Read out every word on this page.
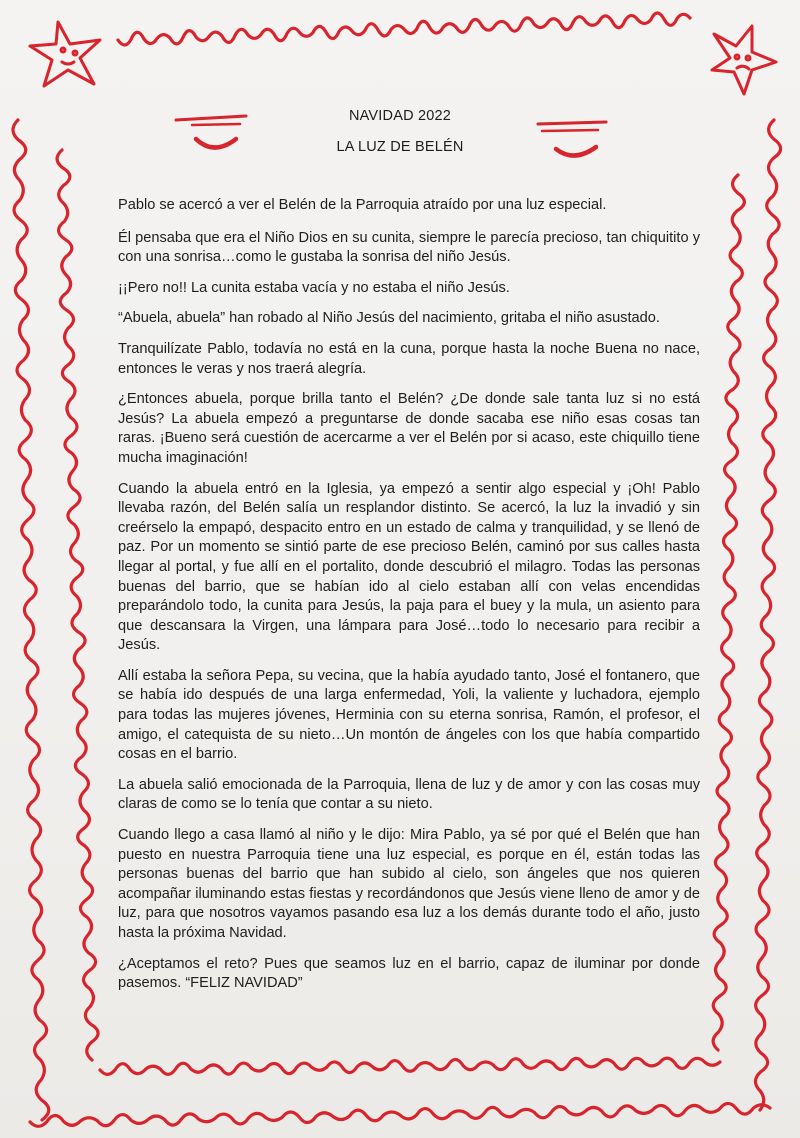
NAVIDAD 2022
LA LUZ DE BELÉN

Pablo se acercó a ver el Belén de la Parroquia atraído por una luz especial.

Él pensaba que era el Niño Dios en su cunita, siempre le parecía precioso, tan chiquitito y con una sonrisa…como le gustaba la sonrisa del niño Jesús.

¡¡Pero no!! La cunita estaba vacía y no estaba el niño Jesús.

“Abuela, abuela” han robado al Niño Jesús del nacimiento, gritaba el niño asustado.

Tranquilízate Pablo, todavía no está en la cuna, porque hasta la noche Buena no nace, entonces le veras y nos traerá alegría.

¿Entonces abuela, porque brilla tanto el Belén? ¿De donde sale tanta luz si no está Jesús? La abuela empezó a preguntarse de donde sacaba ese niño esas cosas tan raras. ¡Bueno será cuestión de acercarme a ver el Belén por si acaso, este chiquillo tiene mucha imaginación!

Cuando la abuela entró en la Iglesia, ya empezó a sentir algo especial y ¡Oh! Pablo llevaba razón, del Belén salía un resplandor distinto. Se acercó, la luz la invadió y sin creérselo la empapó, despacito entro en un estado de calma y tranquilidad, y se llenó de paz. Por un momento se sintió parte de ese precioso Belén, caminó por sus calles hasta llegar al portal, y fue allí en el portalito, donde descubrió el milagro. Todas las personas buenas del barrio, que se habían ido al cielo estaban allí con velas encendidas preparándolo todo, la cunita para Jesús, la paja para el buey y la mula, un asiento para que descansara la Virgen, una lámpara para José…todo lo necesario para recibir a Jesús.

Allí estaba la señora Pepa, su vecina, que la había ayudado tanto, José el fontanero, que se había ido después de una larga enfermedad, Yoli, la valiente y luchadora, ejemplo para todas las mujeres jóvenes, Herminia con su eterna sonrisa, Ramón, el profesor, el amigo, el catequista de su nieto…Un montón de ángeles con los que había compartido cosas en el barrio.

La abuela salió emocionada de la Parroquia, llena de luz y de amor y con las cosas muy claras de como se lo tenía que contar a su nieto.

Cuando llego a casa llamó al niño y le dijo: Mira Pablo, ya sé por qué el Belén que han puesto en nuestra Parroquia tiene una luz especial, es porque en él, están todas las personas buenas del barrio que han subido al cielo, son ángeles que nos quieren acompañar iluminando estas fiestas y recordándonos que Jesús viene lleno de amor y de luz, para que nosotros vayamos pasando esa luz a los demás durante todo el año, justo hasta la próxima Navidad.

¿Aceptamos el reto? Pues que seamos luz en el barrio, capaz de iluminar por donde pasemos. “FELIZ NAVIDAD”
